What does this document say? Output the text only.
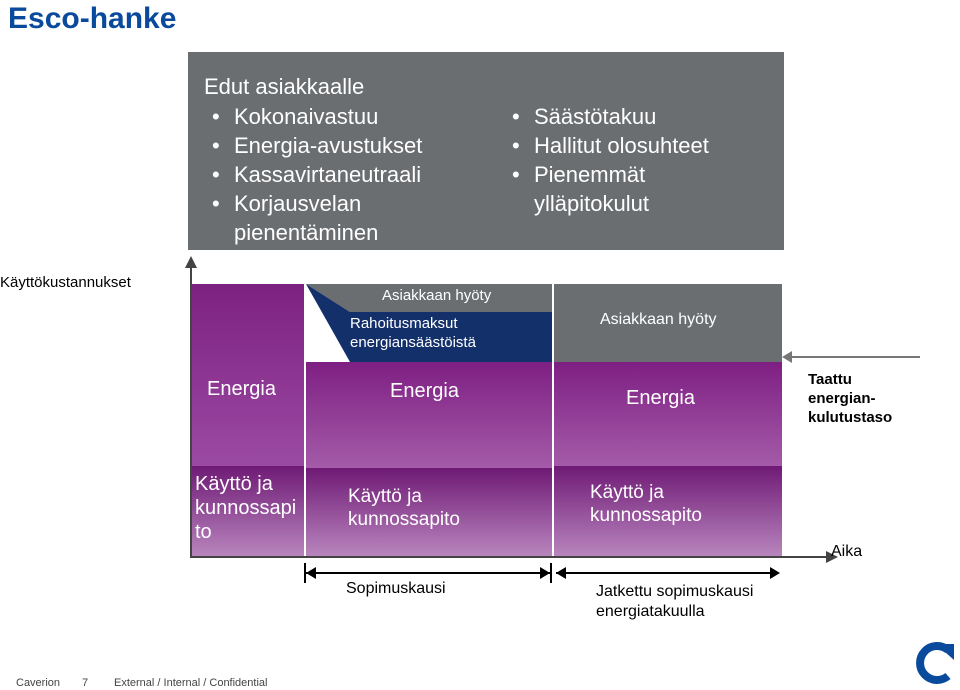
Esco-hanke
Edut asiakkaalle
• Kokonaivastuu
• Energia-avustukset
• Kassavirtaneutraali
• Korjausvelan pienentäminen
• Säästötakuu
• Hallitut olosuhteet
• Pienemmät ylläpitokulut
Käyttökustannukset
Energia
Käyttö ja kunnossapi to
Asiakkaan hyöty
Rahoitusmaksut energiansäästöistä
Energia
Käyttö ja kunnossapito
Asiakkaan hyöty
Energia
Käyttö ja kunnossapito
Taattu energian-kulutustaso
Aika
Sopimuskausi	Jatkettu sopimuskausi energiatakuulla
Caverion 7 External / Internal / Confidential
